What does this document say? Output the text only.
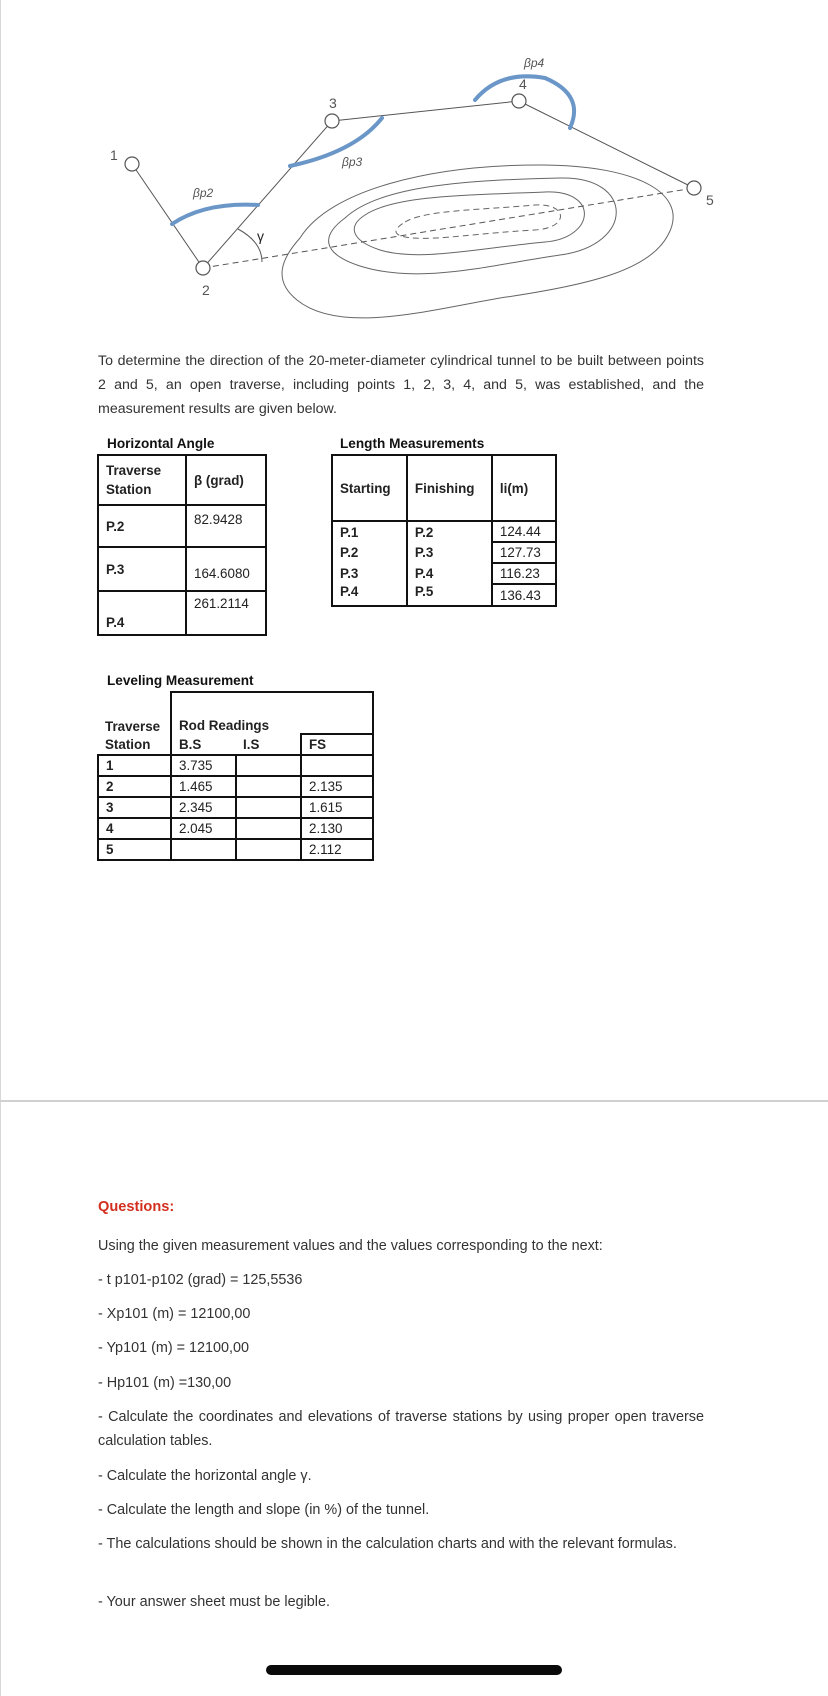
1
2
3
4
5
βp2
βp3
βp4
γ
To determine the direction of the 20-meter-diameter cylindrical tunnel to be built between points 2 and 5, an open traverse, including points 1, 2, 3, 4, and 5, was established, and the measurement results are given below.
Horizontal Angle
Traverse Station	β (grad)
P.2	82.9428
P.3	164.6080
P.4	261.2114
Length Measurements
Starting	Finishing	li(m)
P.1	P.2	124.44
P.2	P.3	127.73
P.3	P.4	116.23
P.4	P.5	136.43
Leveling Measurement

Traverse	Rod Readings		
Station	B.S	I.S	FS
1	3.735		
2	1.465		2.135
3	2.345		1.615
4	2.045		2.130
5			2.112
Questions:
Using the given measurement values and the values corresponding to the next:
- t p101-p102 (grad) = 125,5536
- Xp101 (m) = 12100,00
- Yp101 (m) = 12100,00
- Hp101 (m) =130,00
- Calculate the coordinates and elevations of traverse stations by using proper open traverse calculation tables.
- Calculate the horizontal angle γ.
- Calculate the length and slope (in %) of the tunnel.
- The calculations should be shown in the calculation charts and with the relevant formulas.
- Your answer sheet must be legible.
